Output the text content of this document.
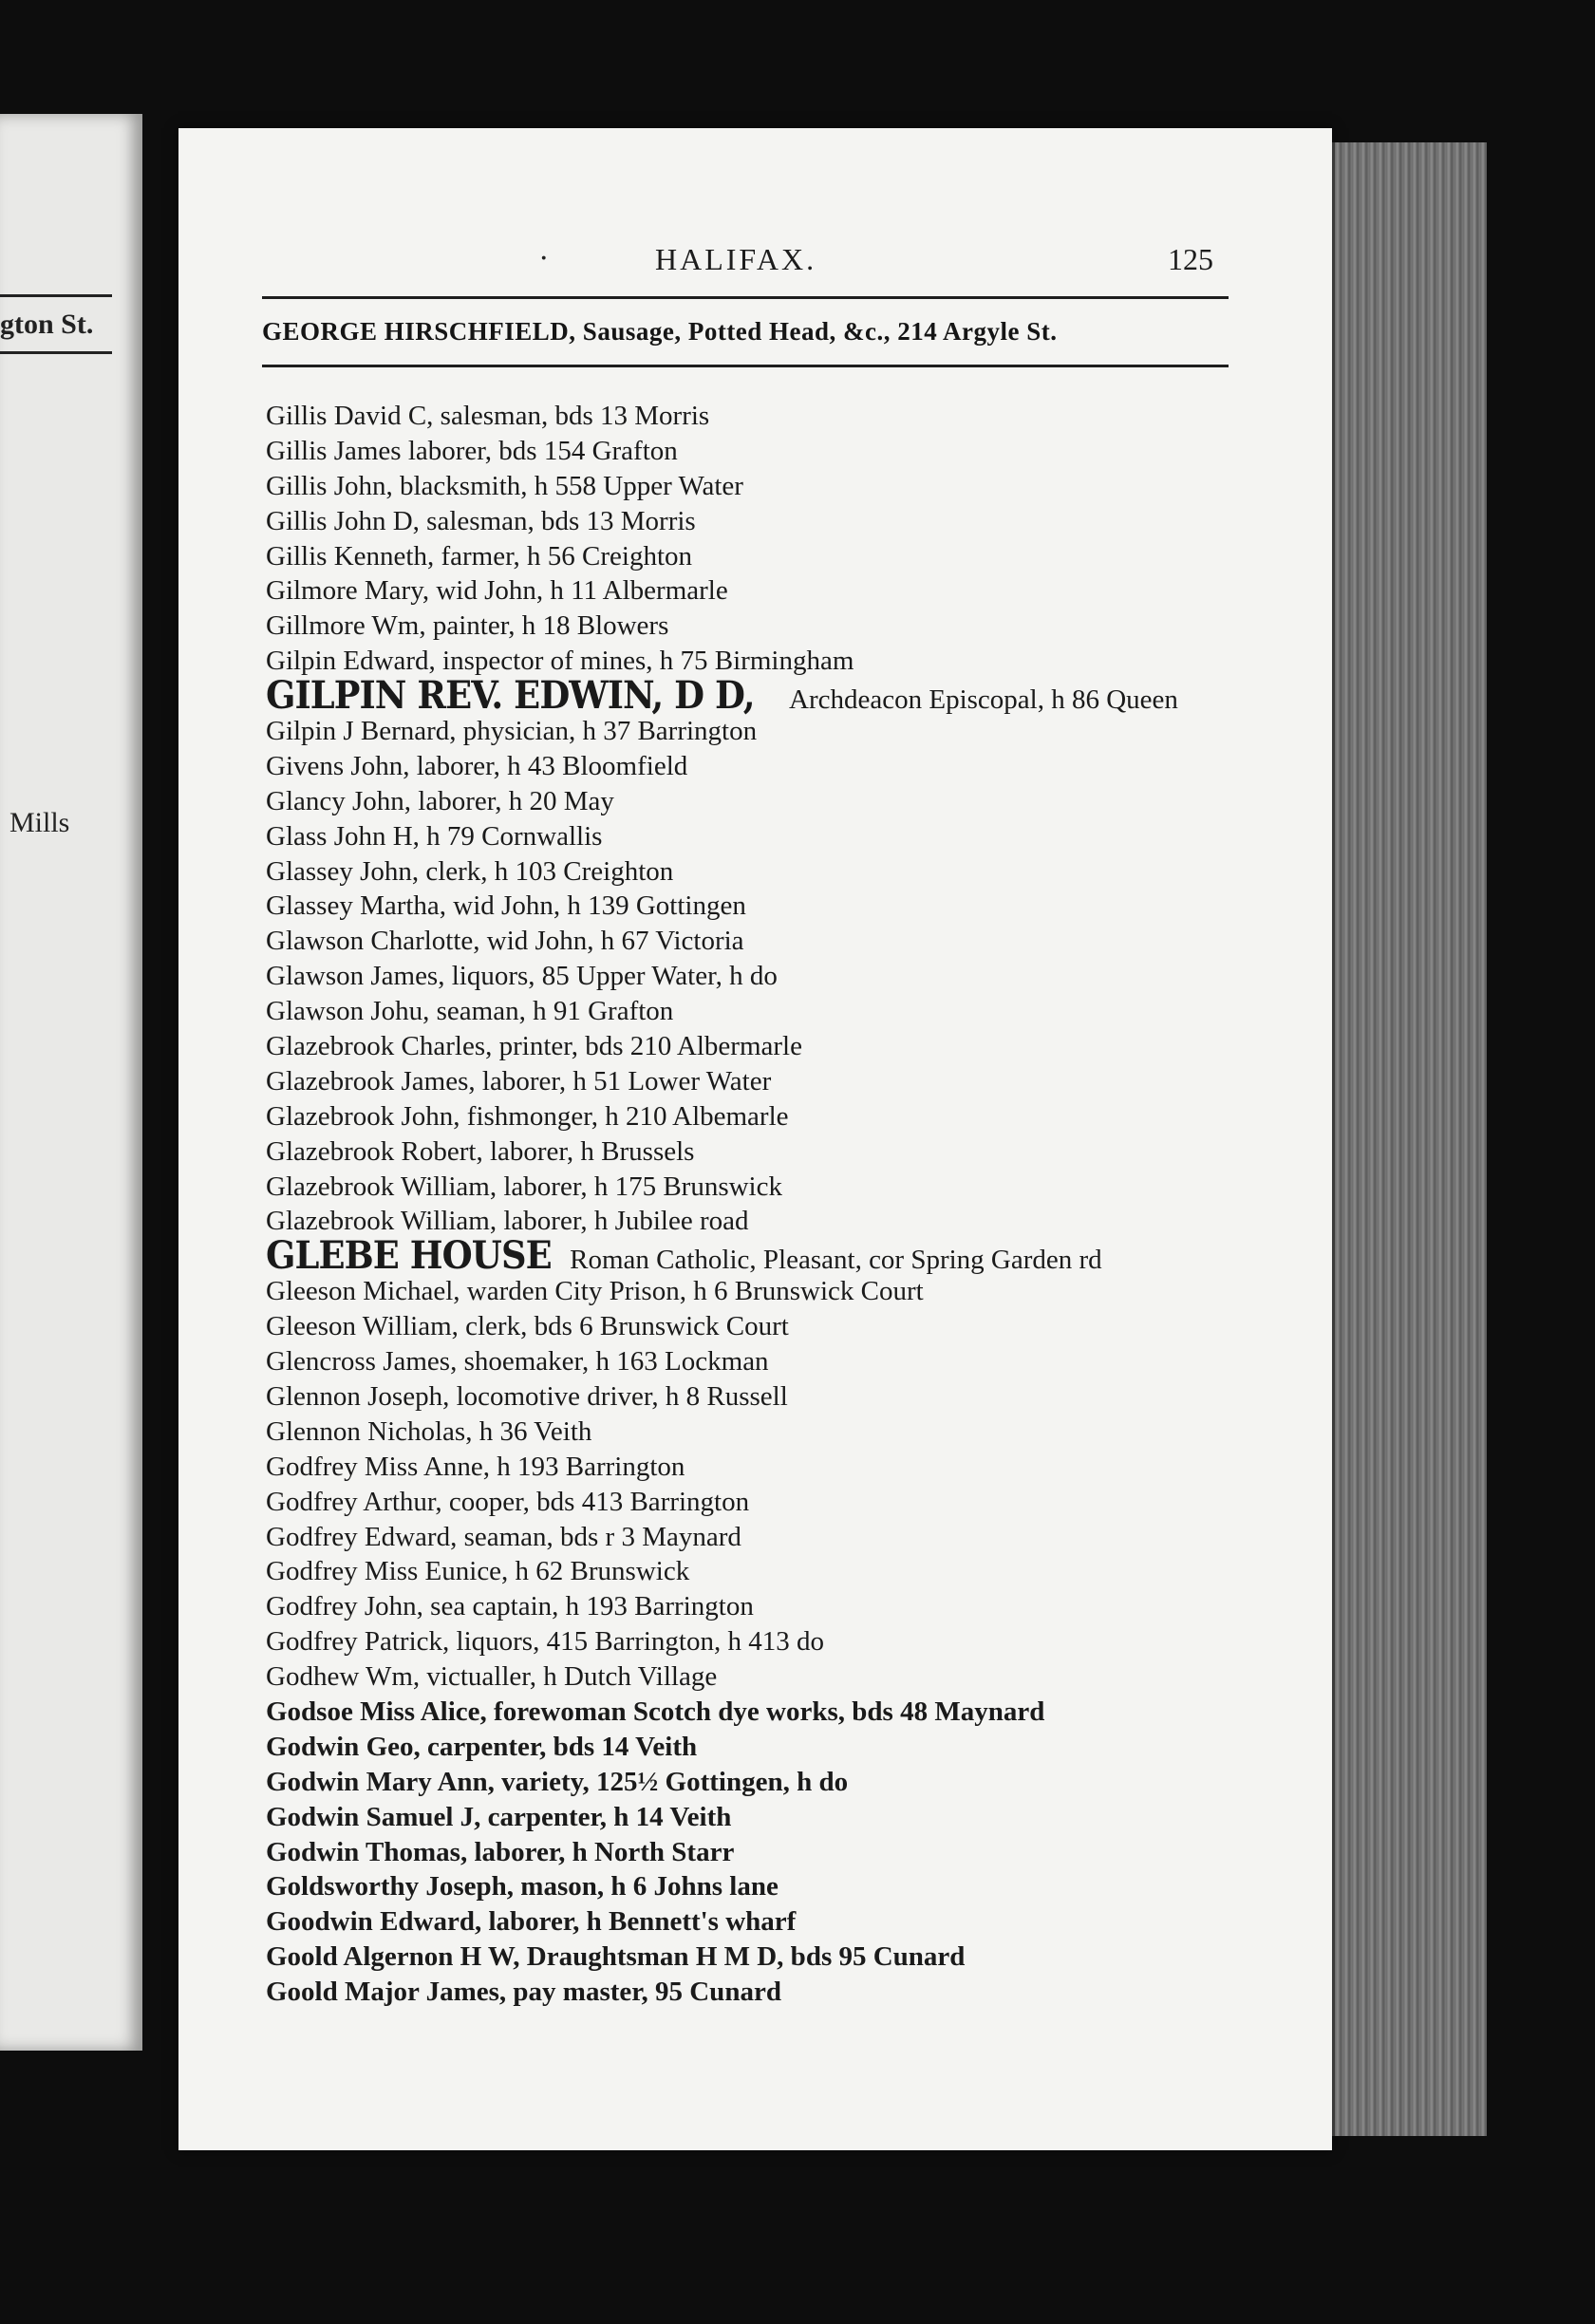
gton St.
Mills
·	HALIFAX.	125
GEORGE HIRSCHFIELD, Sausage, Potted Head, &c., 214 Argyle St.
Gillis David C, salesman, bds 13 Morris
Gillis James laborer, bds 154 Grafton
Gillis John, blacksmith, h 558 Upper Water
Gillis John D, salesman, bds 13 Morris
Gillis Kenneth, farmer, h 56 Creighton
Gilmore Mary, wid John, h 11 Albermarle
Gillmore Wm, painter, h 18 Blowers
Gilpin Edward, inspector of mines, h 75 Birmingham
GILPIN REV. EDWIN, D D, Archdeacon Episcopal, h 86 Queen
Gilpin J Bernard, physician, h 37 Barrington
Givens John, laborer, h 43 Bloomfield
Glancy John, laborer, h 20 May
Glass John H, h 79 Cornwallis
Glassey John, clerk, h 103 Creighton
Glassey Martha, wid John, h 139 Gottingen
Glawson Charlotte, wid John, h 67 Victoria
Glawson James, liquors, 85 Upper Water, h do
Glawson Johu, seaman, h 91 Grafton
Glazebrook Charles, printer, bds 210 Albermarle
Glazebrook James, laborer, h 51 Lower Water
Glazebrook John, fishmonger, h 210 Albemarle
Glazebrook Robert, laborer, h Brussels
Glazebrook William, laborer, h 175 Brunswick
Glazebrook William, laborer, h Jubilee road
GLEBE HOUSE Roman Catholic, Pleasant, cor Spring Garden rd
Gleeson Michael, warden City Prison, h 6 Brunswick Court
Gleeson William, clerk, bds 6 Brunswick Court
Glencross James, shoemaker, h 163 Lockman
Glennon Joseph, locomotive driver, h 8 Russell
Glennon Nicholas, h 36 Veith
Godfrey Miss Anne, h 193 Barrington
Godfrey Arthur, cooper, bds 413 Barrington
Godfrey Edward, seaman, bds r 3 Maynard
Godfrey Miss Eunice, h 62 Brunswick
Godfrey John, sea captain, h 193 Barrington
Godfrey Patrick, liquors, 415 Barrington, h 413 do
Godhew Wm, victualler, h Dutch Village
Godsoe Miss Alice, forewoman Scotch dye works, bds 48 Maynard
Godwin Geo, carpenter, bds 14 Veith
Godwin Mary Ann, variety, 125½ Gottingen, h do
Godwin Samuel J, carpenter, h 14 Veith
Godwin Thomas, laborer, h North Starr
Goldsworthy Joseph, mason, h 6 Johns lane
Goodwin Edward, laborer, h Bennett's wharf
Goold Algernon H W, Draughtsman H M D, bds 95 Cunard
Goold Major James, pay master, 95 Cunard
